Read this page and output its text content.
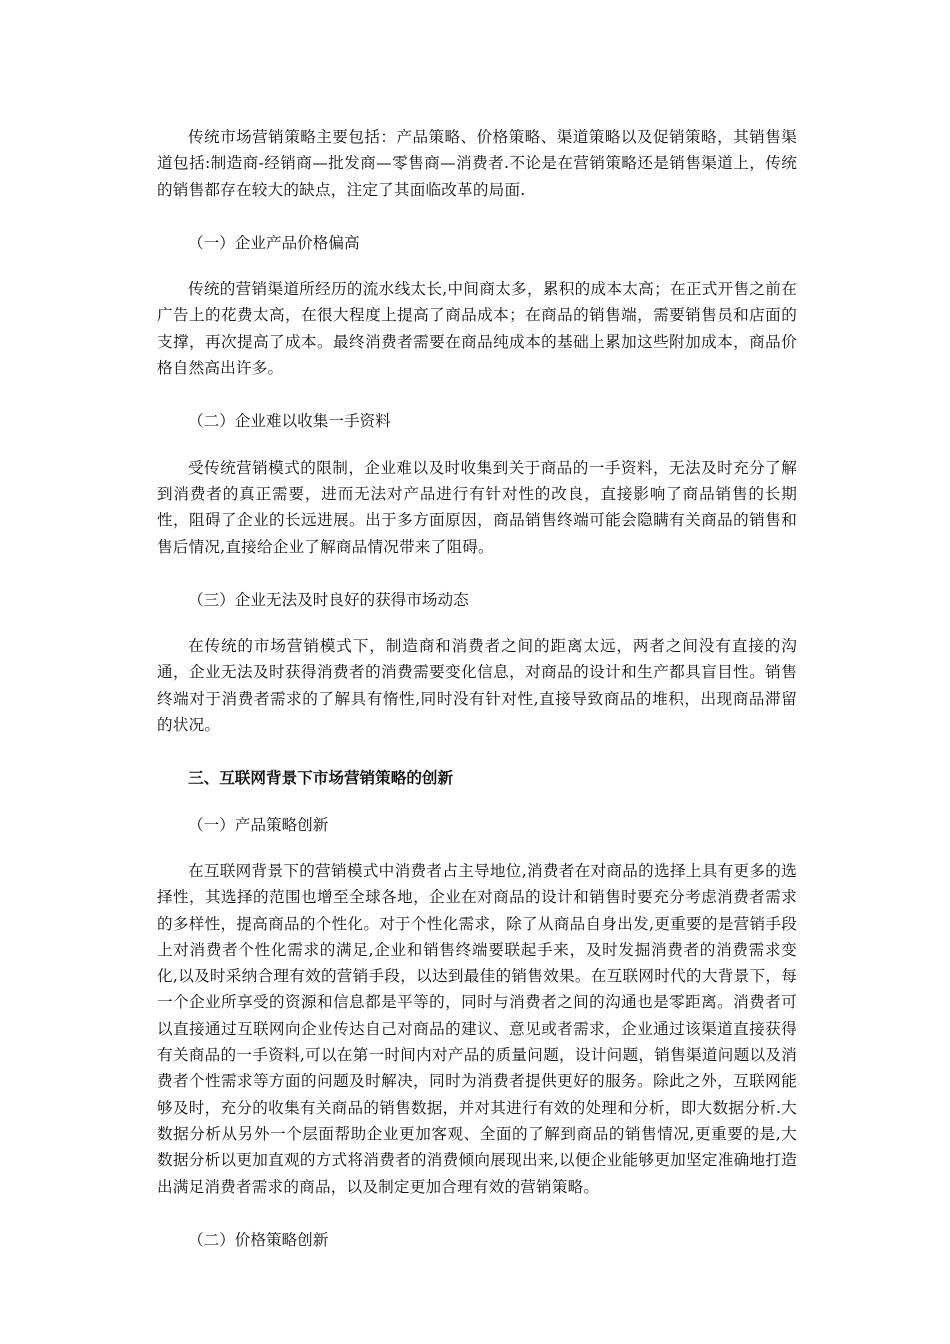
传统市场营销策略主要包括：产品策略、价格策略、渠道策略以及促销策略，其销售渠道包括:制造商-经销商—批发商—零售商—消费者.不论是在营销策略还是销售渠道上，传统的销售都存在较大的缺点，注定了其面临改革的局面.

（一）企业产品价格偏高

传统的营销渠道所经历的流水线太长,中间商太多，累积的成本太高；在正式开售之前在广告上的花费太高，在很大程度上提高了商品成本；在商品的销售端，需要销售员和店面的支撑，再次提高了成本。最终消费者需要在商品纯成本的基础上累加这些附加成本，商品价格自然高出许多。

（二）企业难以收集一手资料

受传统营销模式的限制，企业难以及时收集到关于商品的一手资料，无法及时充分了解到消费者的真正需要，进而无法对产品进行有针对性的改良，直接影响了商品销售的长期性，阻碍了企业的长远进展。出于多方面原因，商品销售终端可能会隐瞒有关商品的销售和售后情况,直接给企业了解商品情况带来了阻碍。

（三）企业无法及时良好的获得市场动态

在传统的市场营销模式下，制造商和消费者之间的距离太远，两者之间没有直接的沟通，企业无法及时获得消费者的消费需要变化信息，对商品的设计和生产都具盲目性。销售终端对于消费者需求的了解具有惰性,同时没有针对性,直接导致商品的堆积，出现商品滞留的状况。

三、互联网背景下市场营销策略的创新

（一）产品策略创新

在互联网背景下的营销模式中消费者占主导地位,消费者在对商品的选择上具有更多的选择性，其选择的范围也增至全球各地，企业在对商品的设计和销售时要充分考虑消费者需求的多样性，提高商品的个性化。对于个性化需求，除了从商品自身出发,更重要的是营销手段上对消费者个性化需求的满足,企业和销售终端要联起手来，及时发掘消费者的消费需求变化,以及时采纳合理有效的营销手段，以达到最佳的销售效果。在互联网时代的大背景下，每一个企业所享受的资源和信息都是平等的，同时与消费者之间的沟通也是零距离。消费者可以直接通过互联网向企业传达自己对商品的建议、意见或者需求，企业通过该渠道直接获得有关商品的一手资料,可以在第一时间内对产品的质量问题，设计问题，销售渠道问题以及消费者个性需求等方面的问题及时解决，同时为消费者提供更好的服务。除此之外，互联网能够及时，充分的收集有关商品的销售数据，并对其进行有效的处理和分析，即大数据分析.大数据分析从另外一个层面帮助企业更加客观、全面的了解到商品的销售情况,更重要的是,大数据分析以更加直观的方式将消费者的消费倾向展现出来,以便企业能够更加坚定准确地打造出满足消费者需求的商品，以及制定更加合理有效的营销策略。

（二）价格策略创新
